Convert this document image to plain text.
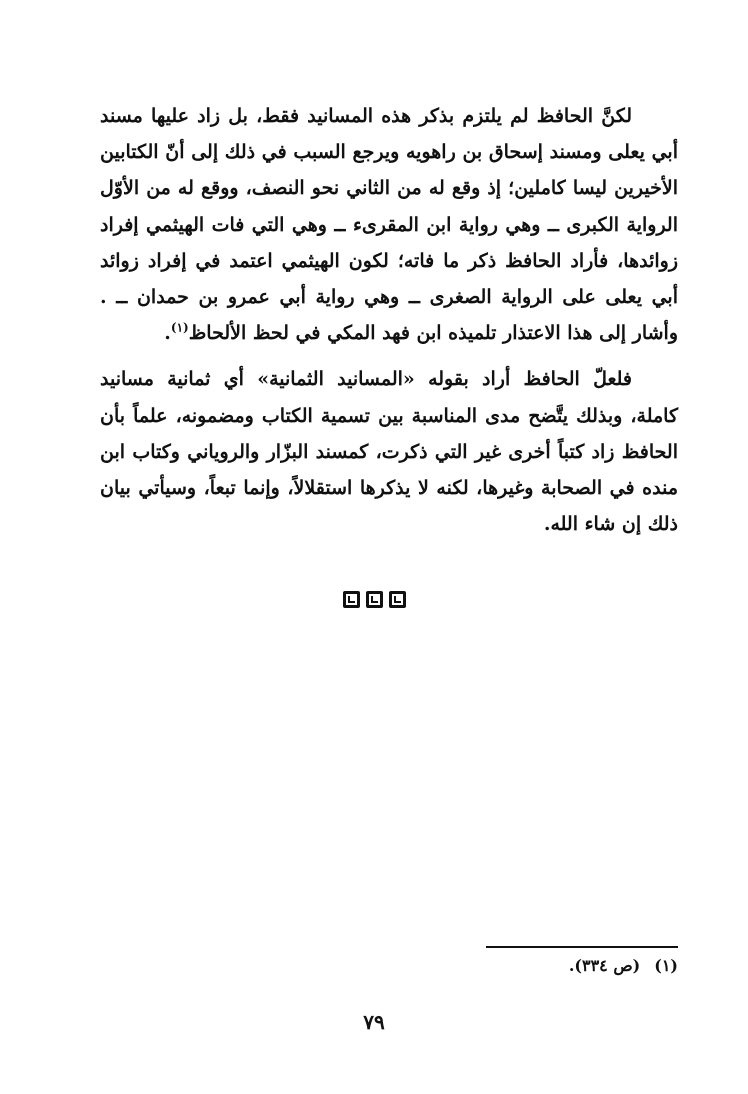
لكنَّ الحافظ لم يلتزم بذكر هذه المسانيد فقط، بل زاد عليها مسند أبي يعلى ومسند إسحاق بن راهويه ويرجع السبب في ذلك إلى أنّ الكتابين الأخيرين ليسا كاملين؛ إذ وقع له من الثاني نحو النصف، ووقع له من الأوّل الرواية الكبرى ــ وهي رواية ابن المقرىء ــ وهي التي فات الهيثمي إفراد زوائدها، فأراد الحافظ ذكر ما فاته؛ لكون الهيثمي اعتمد في إفراد زوائد أبي يعلى على الرواية الصغرى ــ وهي رواية أبي عمرو بن حمدان ــ . وأشار إلى هذا الاعتذار تلميذه ابن فهد المكي في لحظ الألحاظ$^{(١)}$.

فلعلّ الحافظ أراد بقوله «المسانيد الثمانية» أي ثمانية مسانيد كاملة، وبذلك يتَّضح مدى المناسبة بين تسمية الكتاب ومضمونه، علماً بأن الحافظ زاد كتباً أخرى غير التي ذكرت، كمسند البزّار والروياني وكتاب ابن منده في الصحابة وغيرها، لكنه لا يذكرها استقلالاً، وإنما تبعاً، وسيأتي بيان ذلك إن شاء الله.

(١)(ص ٣٣٤).
٧٩
